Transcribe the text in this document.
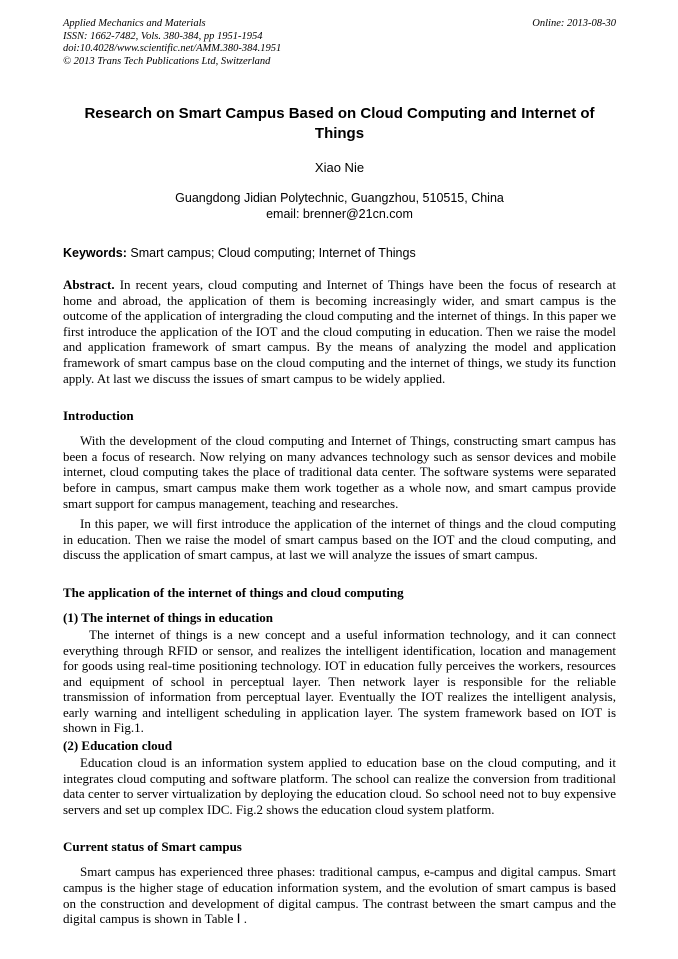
Applied Mechanics and Materials
ISSN: 1662-7482, Vols. 380-384, pp 1951-1954
doi:10.4028/www.scientific.net/AMM.380-384.1951
© 2013 Trans Tech Publications Ltd, Switzerland
Online: 2013-08-30
Research on Smart Campus Based on Cloud Computing and Internet of Things
Xiao Nie
Guangdong Jidian Polytechnic, Guangzhou, 510515, China
email: brenner@21cn.com

Keywords: Smart campus; Cloud computing; Internet of Things

Abstract. In recent years, cloud computing and Internet of Things have been the focus of research at home and abroad, the application of them is becoming increasingly wider, and smart campus is the outcome of the application of intergrading the cloud computing and the internet of things. In this paper we first introduce the application of the IOT and the cloud computing in education. Then we raise the model and application framework of smart campus. By the means of analyzing the model and application framework of smart campus base on the cloud computing and the internet of things, we study its function apply. At last we discuss the issues of smart campus to be widely applied.

Introduction

With the development of the cloud computing and Internet of Things, constructing smart campus has been a focus of research. Now relying on many advances technology such as sensor devices and mobile internet, cloud computing takes the place of traditional data center. The software systems were separated before in campus, smart campus make them work together as a whole now, and smart campus provide smart support for campus management, teaching and researches.

In this paper, we will first introduce the application of the internet of things and the cloud computing in education. Then we raise the model of smart campus based on the IOT and the cloud computing, and discuss the application of smart campus, at last we will analyze the issues of smart campus.

The application of the internet of things and cloud computing
(1) The internet of things in education

The internet of things is a new concept and a useful information technology, and it can connect everything through RFID or sensor, and realizes the intelligent identification, location and management for goods using real-time positioning technology. IOT in education fully perceives the workers, resources and equipment of school in perceptual layer. Then network layer is responsible for the reliable transmission of information from perceptual layer. Eventually the IOT realizes the intelligent analysis, early warning and intelligent scheduling in application layer. The system framework based on IOT is shown in Fig.1.

(2) Education cloud

Education cloud is an information system applied to education base on the cloud computing, and it integrates cloud computing and software platform. The school can realize the conversion from traditional data center to server virtualization by deploying the education cloud. So school need not to buy expensive servers and set up complex IDC. Fig.2 shows the education cloud system platform.

Current status of Smart campus

Smart campus has experienced three phases: traditional campus, e-campus and digital campus. Smart campus is the higher stage of education information system, and the evolution of smart campus is based on the construction and development of digital campus. The contrast between the smart campus and the digital campus is shown in Table Ⅰ .
